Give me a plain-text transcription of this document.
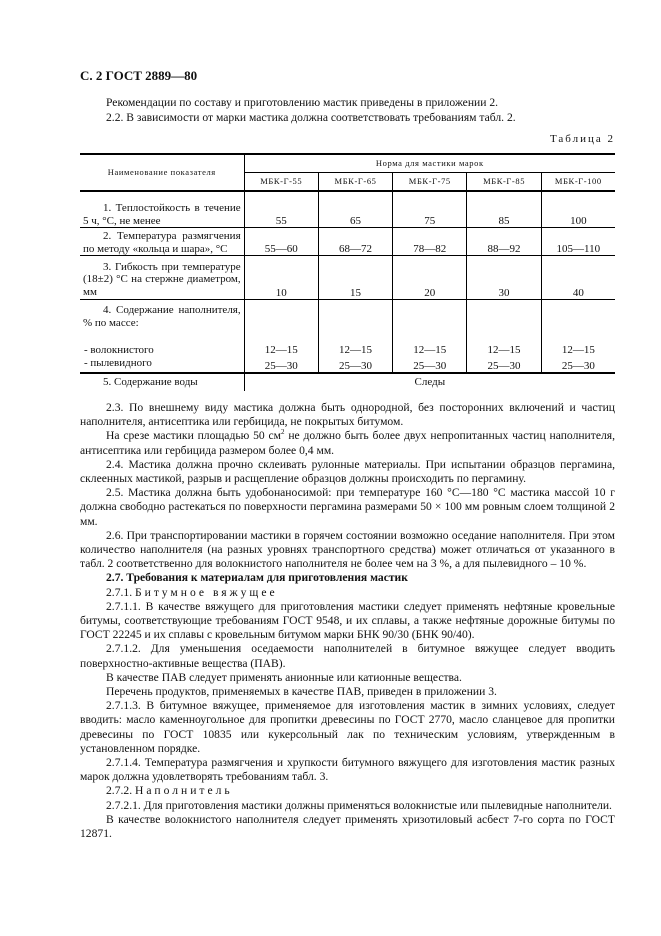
С. 2 ГОСТ 2889—80

Рекомендации по составу и приготовлению мастик приведены в приложении 2.

2.2. В зависимости от марки мастика должна соответствовать требованиям табл. 2.

Таблица 2
Наименование показателя	Норма для мастики марок				
	МБК-Г-55	МБК-Г-65	МБК-Г-75	МБК-Г-85	МБК-Г-100
1. Теплостойкость в течение 5 ч, °С, не менее	55	65	75	85	100
2. Температура размягчения по методу «кольца и шара», °С	55—60	68—72	78—82	88—92	105—110
3. Гибкость при температуре (18±2) °С на стержне диаметром, мм	10	15	20	30	40
4. Содержание наполнителя, % по массе:					
- волокнистого	12—15	12—15	12—15	12—15	12—15
- пылевидного	25—30	25—30	25—30	25—30	25—30
5. Содержание воды	Следы				

2.3. По внешнему виду мастика должна быть однородной, без посторонних включений и частиц наполнителя, антисептика или гербицида, не покрытых битумом.

На срезе мастики площадью 50 $см^2$ не должно быть более двух непропитанных частиц наполнителя, антисептика или гербицида размером более 0,4 мм.

2.4. Мастика должна прочно склеивать рулонные материалы. При испытании образцов пергамина, склеенных мастикой, разрыв и расщепление образцов должны происходить по пергамину.

2.5. Мастика должна быть удобонаносимой: при температуре 160 °С—180 °С мастика массой 10 г должна свободно растекаться по поверхности пергамина размерами 50 × 100 мм ровным слоем толщиной 2 мм.

2.6. При транспортировании мастики в горячем состоянии возможно оседание наполнителя. При этом количество наполнителя (на разных уровнях транспортного средства) может отличаться от указанного в табл. 2 соответственно для волокнистого наполнителя не более чем на 3 %, а для пылевидного – 10 %.

2.7. Требования к материалам для приготовления мастик

2.7.1. Битумное вяжущее

2.7.1.1. В качестве вяжущего для приготовления мастики следует применять нефтяные кровельные битумы, соответствующие требованиям ГОСТ 9548, и их сплавы, а также нефтяные дорожные битумы по ГОСТ 22245 и их сплавы с кровельным битумом марки БНК 90/30 (БНК 90/40).

2.7.1.2. Для уменьшения оседаемости наполнителей в битумное вяжущее следует вводить поверхностно-активные вещества (ПАВ).

В качестве ПАВ следует применять анионные или катионные вещества.

Перечень продуктов, применяемых в качестве ПАВ, приведен в приложении 3.

2.7.1.3. В битумное вяжущее, применяемое для изготовления мастик в зимних условиях, следует вводить: масло каменноугольное для пропитки древесины по ГОСТ 2770, масло сланцевое для пропитки древесины по ГОСТ 10835 или кукерсольный лак по техническим условиям, утвержденным в установленном порядке.

2.7.1.4. Температура размягчения и хрупкости битумного вяжущего для изготовления мастик разных марок должна удовлетворять требованиям табл. 3.

2.7.2. Наполнитель

2.7.2.1. Для приготовления мастики должны применяться волокнистые или пылевидные наполнители.

В качестве волокнистого наполнителя следует применять хризотиловый асбест 7-го сорта по ГОСТ 12871.
